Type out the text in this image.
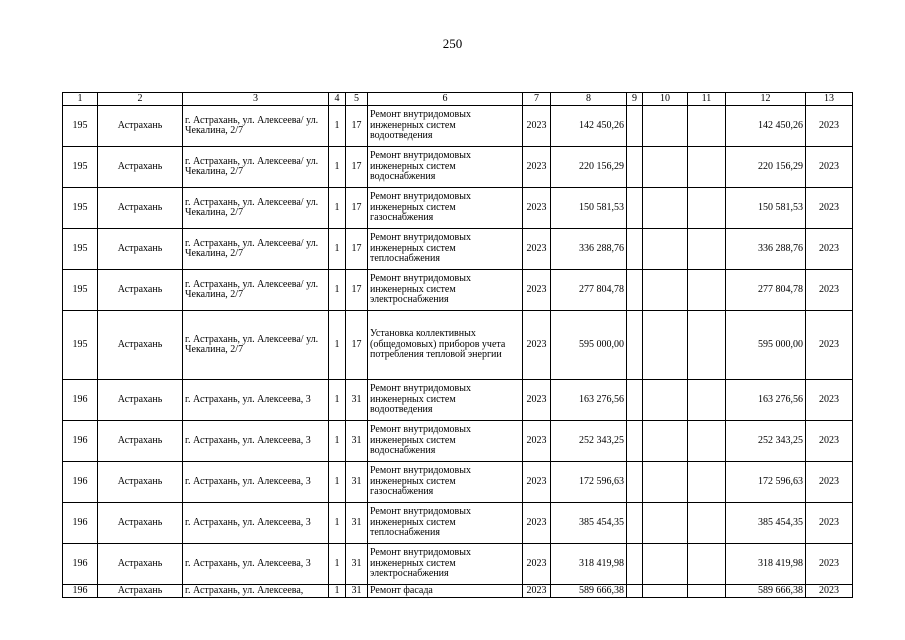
250
1	2	3	4	5	6	7	8	9	10	11	12	13
195	Астрахань	г. Астрахань, ул. Алексеева/ ул. Чекалина, 2/7	1	17	Ремонт внутридомовых инженерных систем водоотведения	2023	142 450,26				142 450,26	2023
195	Астрахань	г. Астрахань, ул. Алексеева/ ул. Чекалина, 2/7	1	17	Ремонт внутридомовых инженерных систем водоснабжения	2023	220 156,29				220 156,29	2023
195	Астрахань	г. Астрахань, ул. Алексеева/ ул. Чекалина, 2/7	1	17	Ремонт внутридомовых инженерных систем газоснабжения	2023	150 581,53				150 581,53	2023
195	Астрахань	г. Астрахань, ул. Алексеева/ ул. Чекалина, 2/7	1	17	Ремонт внутридомовых инженерных систем теплоснабжения	2023	336 288,76				336 288,76	2023
195	Астрахань	г. Астрахань, ул. Алексеева/ ул. Чекалина, 2/7	1	17	Ремонт внутридомовых инженерных систем электроснабжения	2023	277 804,78				277 804,78	2023
195	Астрахань	г. Астрахань, ул. Алексеева/ ул. Чекалина, 2/7	1	17	Установка коллективных (общедомовых) приборов учета потребления тепловой энергии	2023	595 000,00				595 000,00	2023
196	Астрахань	г. Астрахань, ул. Алексеева, 3	1	31	Ремонт внутридомовых инженерных систем водоотведения	2023	163 276,56				163 276,56	2023
196	Астрахань	г. Астрахань, ул. Алексеева, 3	1	31	Ремонт внутридомовых инженерных систем водоснабжения	2023	252 343,25				252 343,25	2023
196	Астрахань	г. Астрахань, ул. Алексеева, 3	1	31	Ремонт внутридомовых инженерных систем газоснабжения	2023	172 596,63				172 596,63	2023
196	Астрахань	г. Астрахань, ул. Алексеева, 3	1	31	Ремонт внутридомовых инженерных систем теплоснабжения	2023	385 454,35				385 454,35	2023
196	Астрахань	г. Астрахань, ул. Алексеева, 3	1	31	Ремонт внутридомовых инженерных систем электроснабжения	2023	318 419,98				318 419,98	2023
196	Астрахань	г. Астрахань, ул. Алексеева,	1	31	Ремонт фасада	2023	589 666,38				589 666,38	2023
